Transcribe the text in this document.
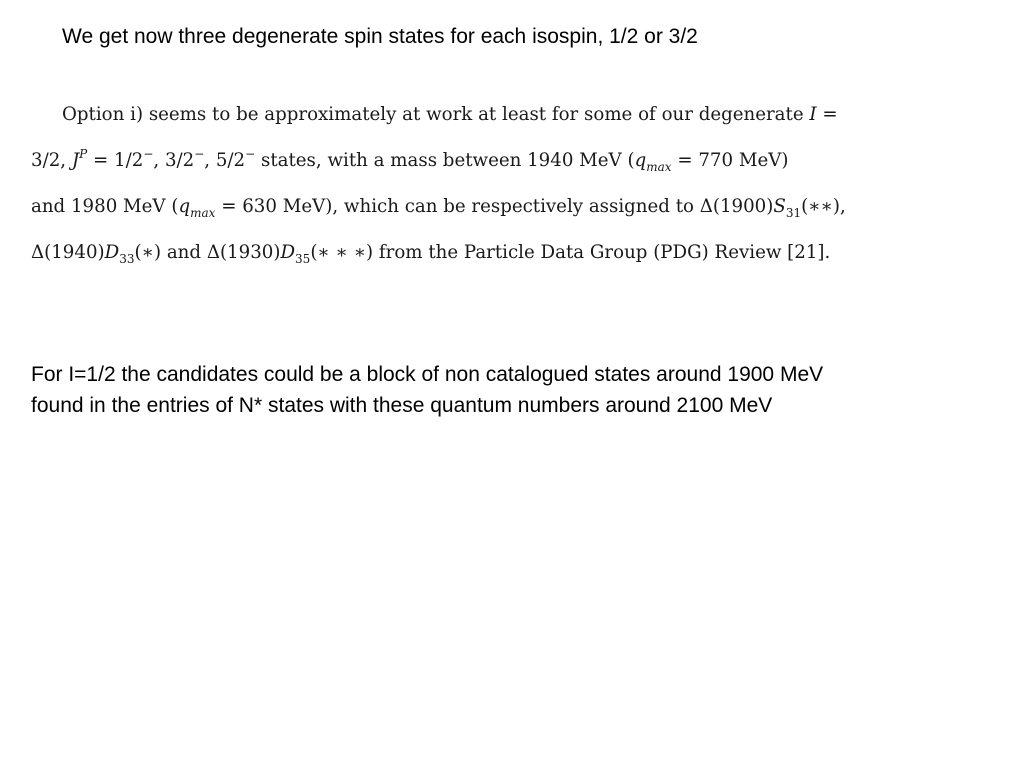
We get now three degenerate spin states for each isospin, 1/2 or 3/2
Option i) seems to be approximately at work at least for some of our degenerate I =
3/2, $J^P = 1/2^-$, 3/2−, 5/2− states, with a mass between 1940 MeV ($q_{max} = 770$ MeV)
and 1980 MeV ($q_{max} = 630$ MeV), which can be respectively assigned to $\Delta(1900)S_{31}(∗∗)$,
$\Delta(1940)D_{33}(∗)$ and $\Delta(1930)D_{35}(∗$ ∗ ∗) from the Particle Data Group (PDG) Review [21].
For I=1/2 the candidates could be a block of non catalogued states around 1900 MeV
found in the entries of N* states with these quantum numbers around 2100 MeV
